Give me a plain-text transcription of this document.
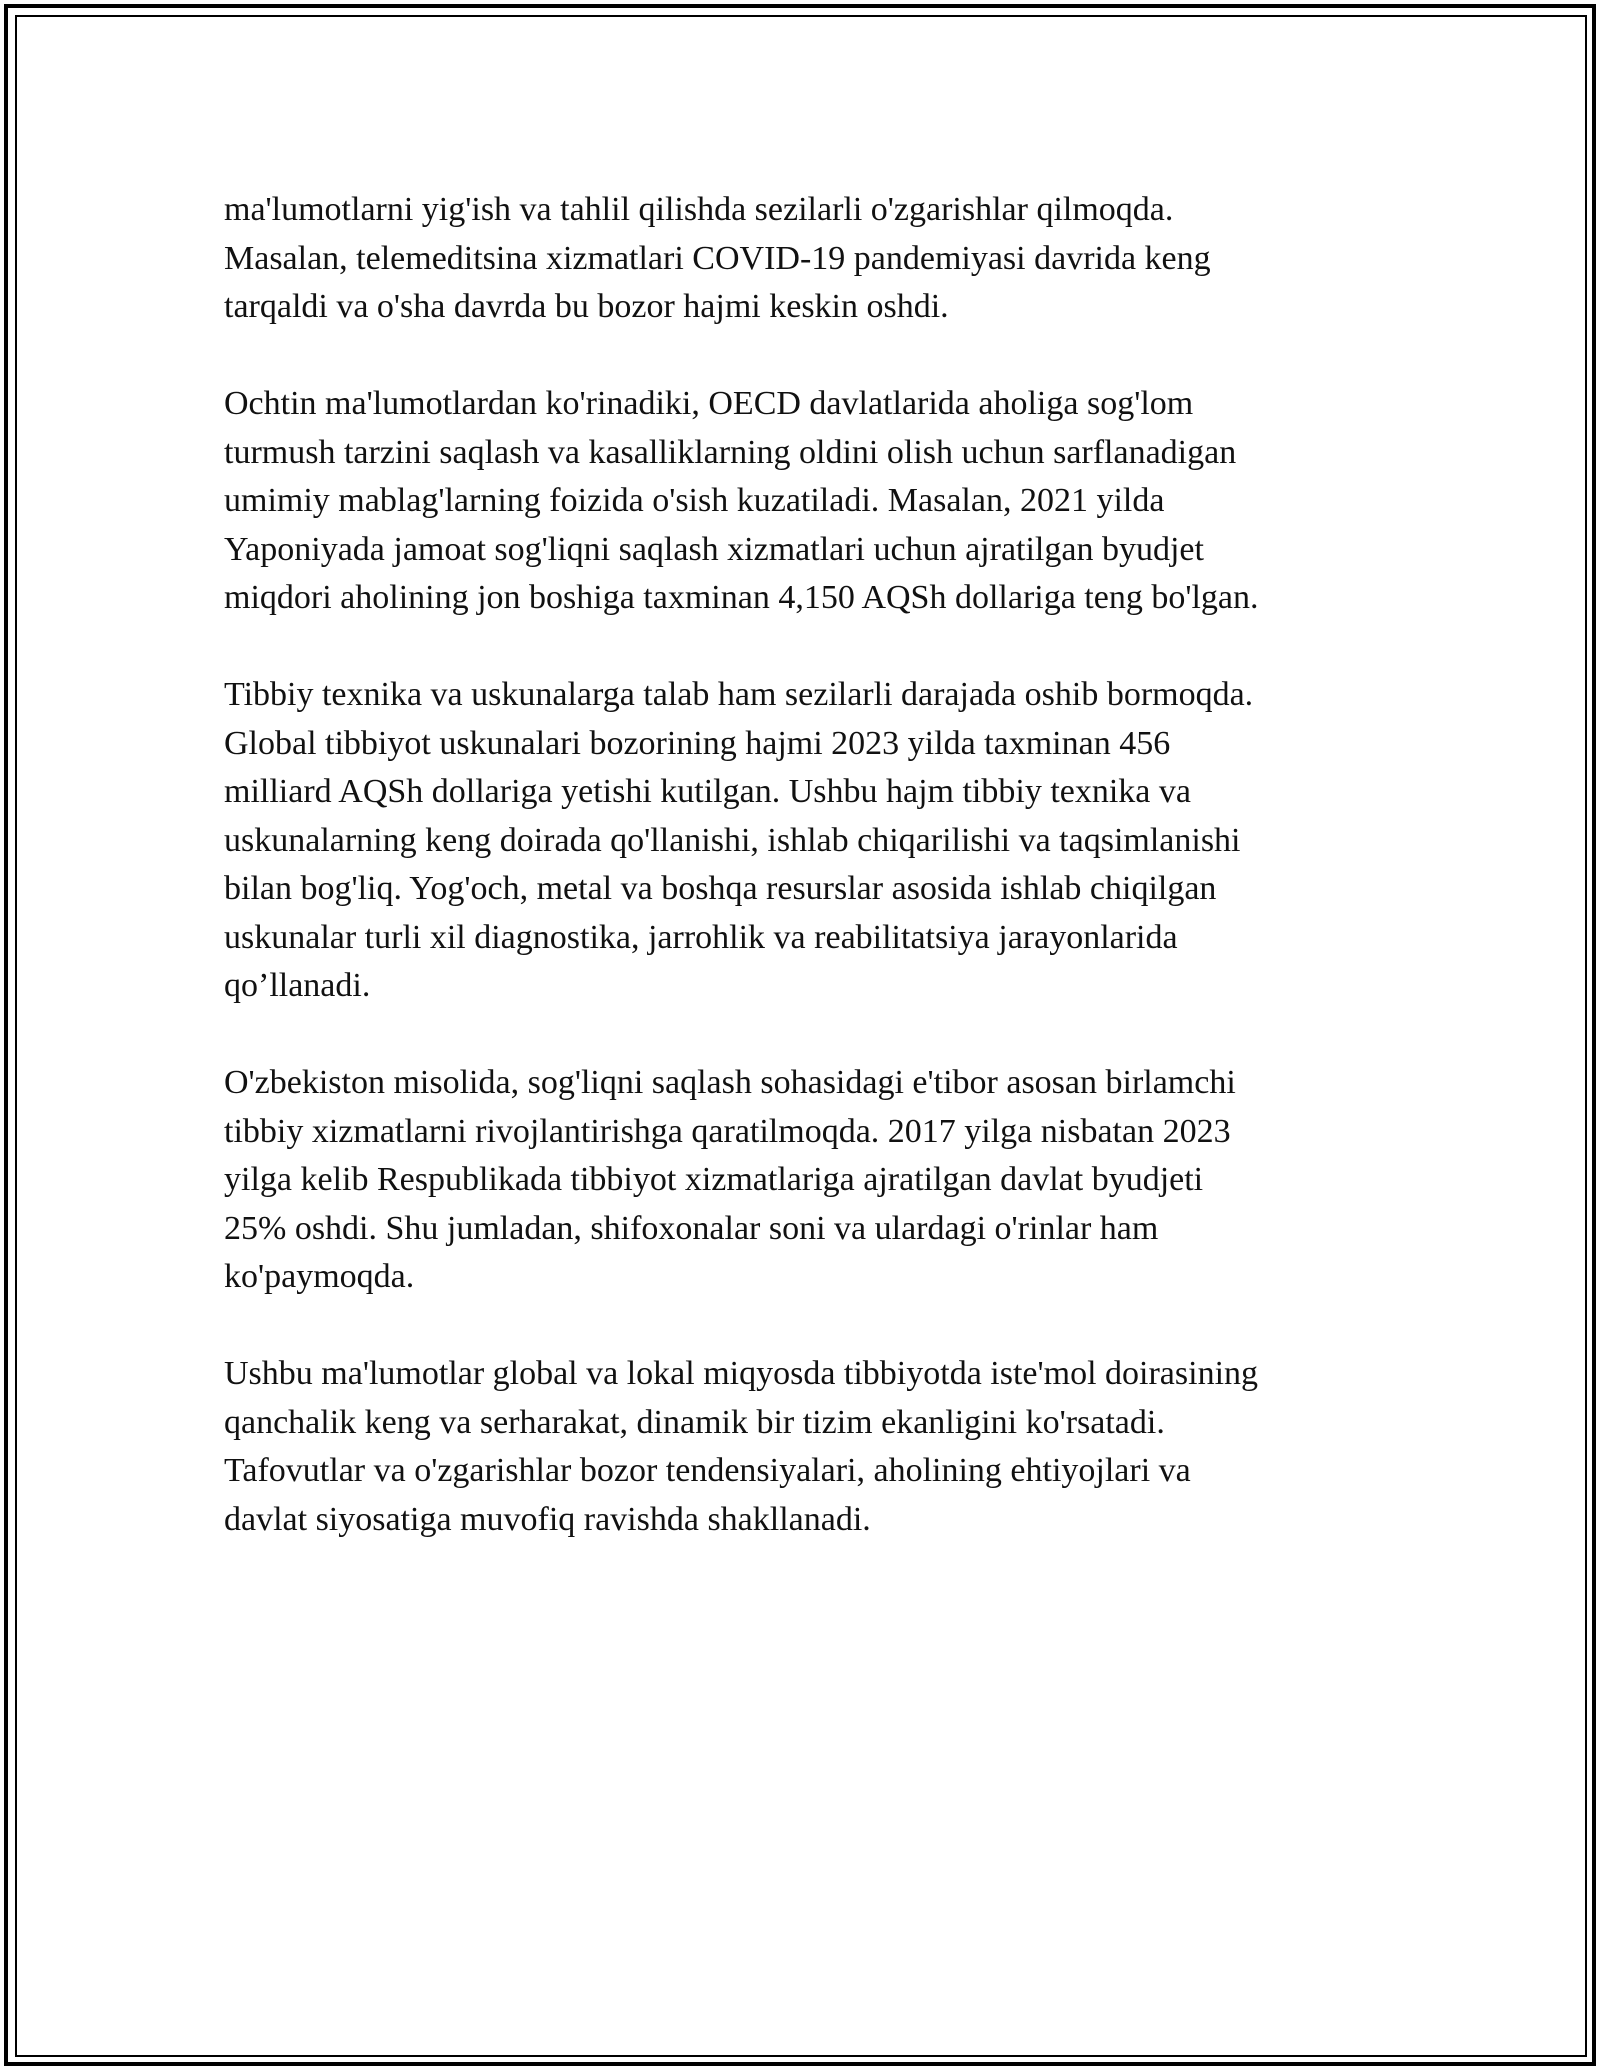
ma'lumotlarni yig'ish va tahlil qilishda sezilarli o'zgarishlar qilmoqda.
Masalan, telemeditsina xizmatlari COVID-19 pandemiyasi davrida keng
tarqaldi va o'sha davrda bu bozor hajmi keskin oshdi.

Ochtin ma'lumotlardan ko'rinadiki, OECD davlatlarida aholiga sog'lom
turmush tarzini saqlash va kasalliklarning oldini olish uchun sarflanadigan
umimiy mablag'larning foizida o'sish kuzatiladi. Masalan, 2021 yilda
Yaponiyada jamoat sog'liqni saqlash xizmatlari uchun ajratilgan byudjet
miqdori aholining jon boshiga taxminan 4,150 AQSh dollariga teng bo'lgan.

Tibbiy texnika va uskunalarga talab ham sezilarli darajada oshib bormoqda.
Global tibbiyot uskunalari bozorining hajmi 2023 yilda taxminan 456
milliard AQSh dollariga yetishi kutilgan. Ushbu hajm tibbiy texnika va
uskunalarning keng doirada qo'llanishi, ishlab chiqarilishi va taqsimlanishi
bilan bog'liq. Yog'och, metal va boshqa resurslar asosida ishlab chiqilgan
uskunalar turli xil diagnostika, jarrohlik va reabilitatsiya jarayonlarida
qo’llanadi.

O'zbekiston misolida, sog'liqni saqlash sohasidagi e'tibor asosan birlamchi
tibbiy xizmatlarni rivojlantirishga qaratilmoqda. 2017 yilga nisbatan 2023
yilga kelib Respublikada tibbiyot xizmatlariga ajratilgan davlat byudjeti
25% oshdi. Shu jumladan, shifoxonalar soni va ulardagi o'rinlar ham
ko'paymoqda.

Ushbu ma'lumotlar global va lokal miqyosda tibbiyotda iste'mol doirasining
qanchalik keng va serharakat, dinamik bir tizim ekanligini ko'rsatadi.
Tafovutlar va o'zgarishlar bozor tendensiyalari, aholining ehtiyojlari va
davlat siyosatiga muvofiq ravishda shakllanadi.
